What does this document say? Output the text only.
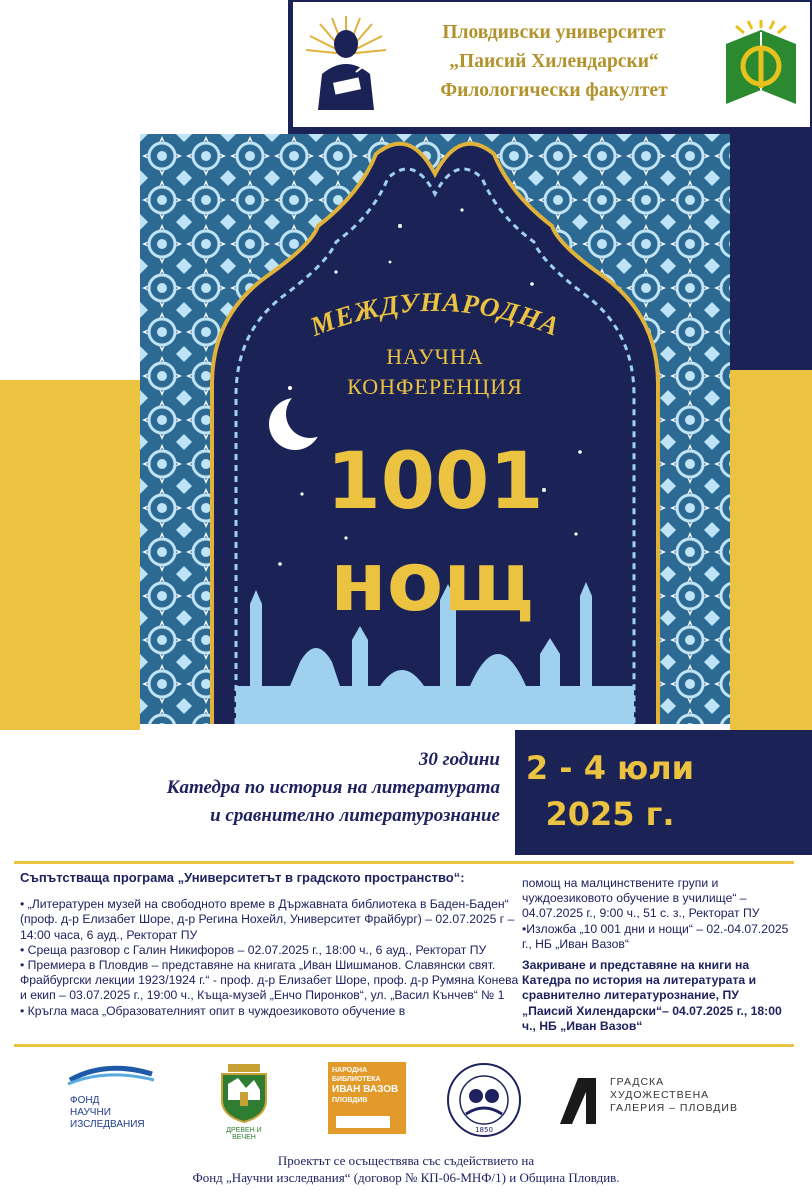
Пловдивски университет
„Паисий Хилендарски“
Филологически факултет
МЕЖДУНАРОДНА
НАУЧНА
КОНФЕРЕНЦИЯ
1001
нощ
30 години
Катедра по история на литературата
и сравнително литературознание
2 - 4 юли
2025 г.

Съпътстваща програма „Университетът в градското пространство“:

• „Литературен музей на свободното време в Държавната библиотека в Баден-Баден“ (проф. д-р Елизабет Шоре, д-р Регина Нохейл, Университет Фрайбург) – 02.07.2025 г – 14:00 часа, 6 ауд., Ректорат ПУ

• Среща разговор с Галин Никифоров – 02.07.2025 г., 18:00 ч., 6 ауд., Ректорат ПУ

• Премиера в Пловдив – представяне на книгата „Иван Шишманов. Славянски свят. Фрайбургски лекции 1923/1924 г.“ - проф. д-р Елизабет Шоре, проф. д-р Румяна Конева и екип – 03.07.2025 г., 19:00 ч., Къща-музей „Енчо Пиронков“, ул. „Васил Кънчев“ № 1

• Кръгла маса „Образователният опит в чуждоезиковото обучение в

помощ на малцинствените групи и чуждоезиковото обучение в училище“ – 04.07.2025 г., 9:00 ч., 51 с. з., Ректорат ПУ

•Изложба „10 001 дни и нощи“ – 02.-04.07.2025 г., НБ „Иван Вазов“

Закриване и представяне на книги на Катедра по история на литературата и сравнително литературознание, ПУ „Паисий Хилендарски“– 04.07.2025 г., 18:00 ч., НБ „Иван Вазов“

ФОНД
НАУЧНИ
ИЗСЛЕДВАНИЯ
ДРЕВЕН И ВЕЧЕН
НАРОДНА
БИБЛИОТЕКА
ИВАН ВАЗОВ
ПЛОВДИВ
1850
ГРАДСКА
ХУДОЖЕСТВЕНА
ГАЛЕРИЯ – ПЛОВДИВ
Проектът се осъществява със съдействието на
Фонд „Научни изследвания“ (договор № КП-06-МНФ/1) и Община Пловдив.
